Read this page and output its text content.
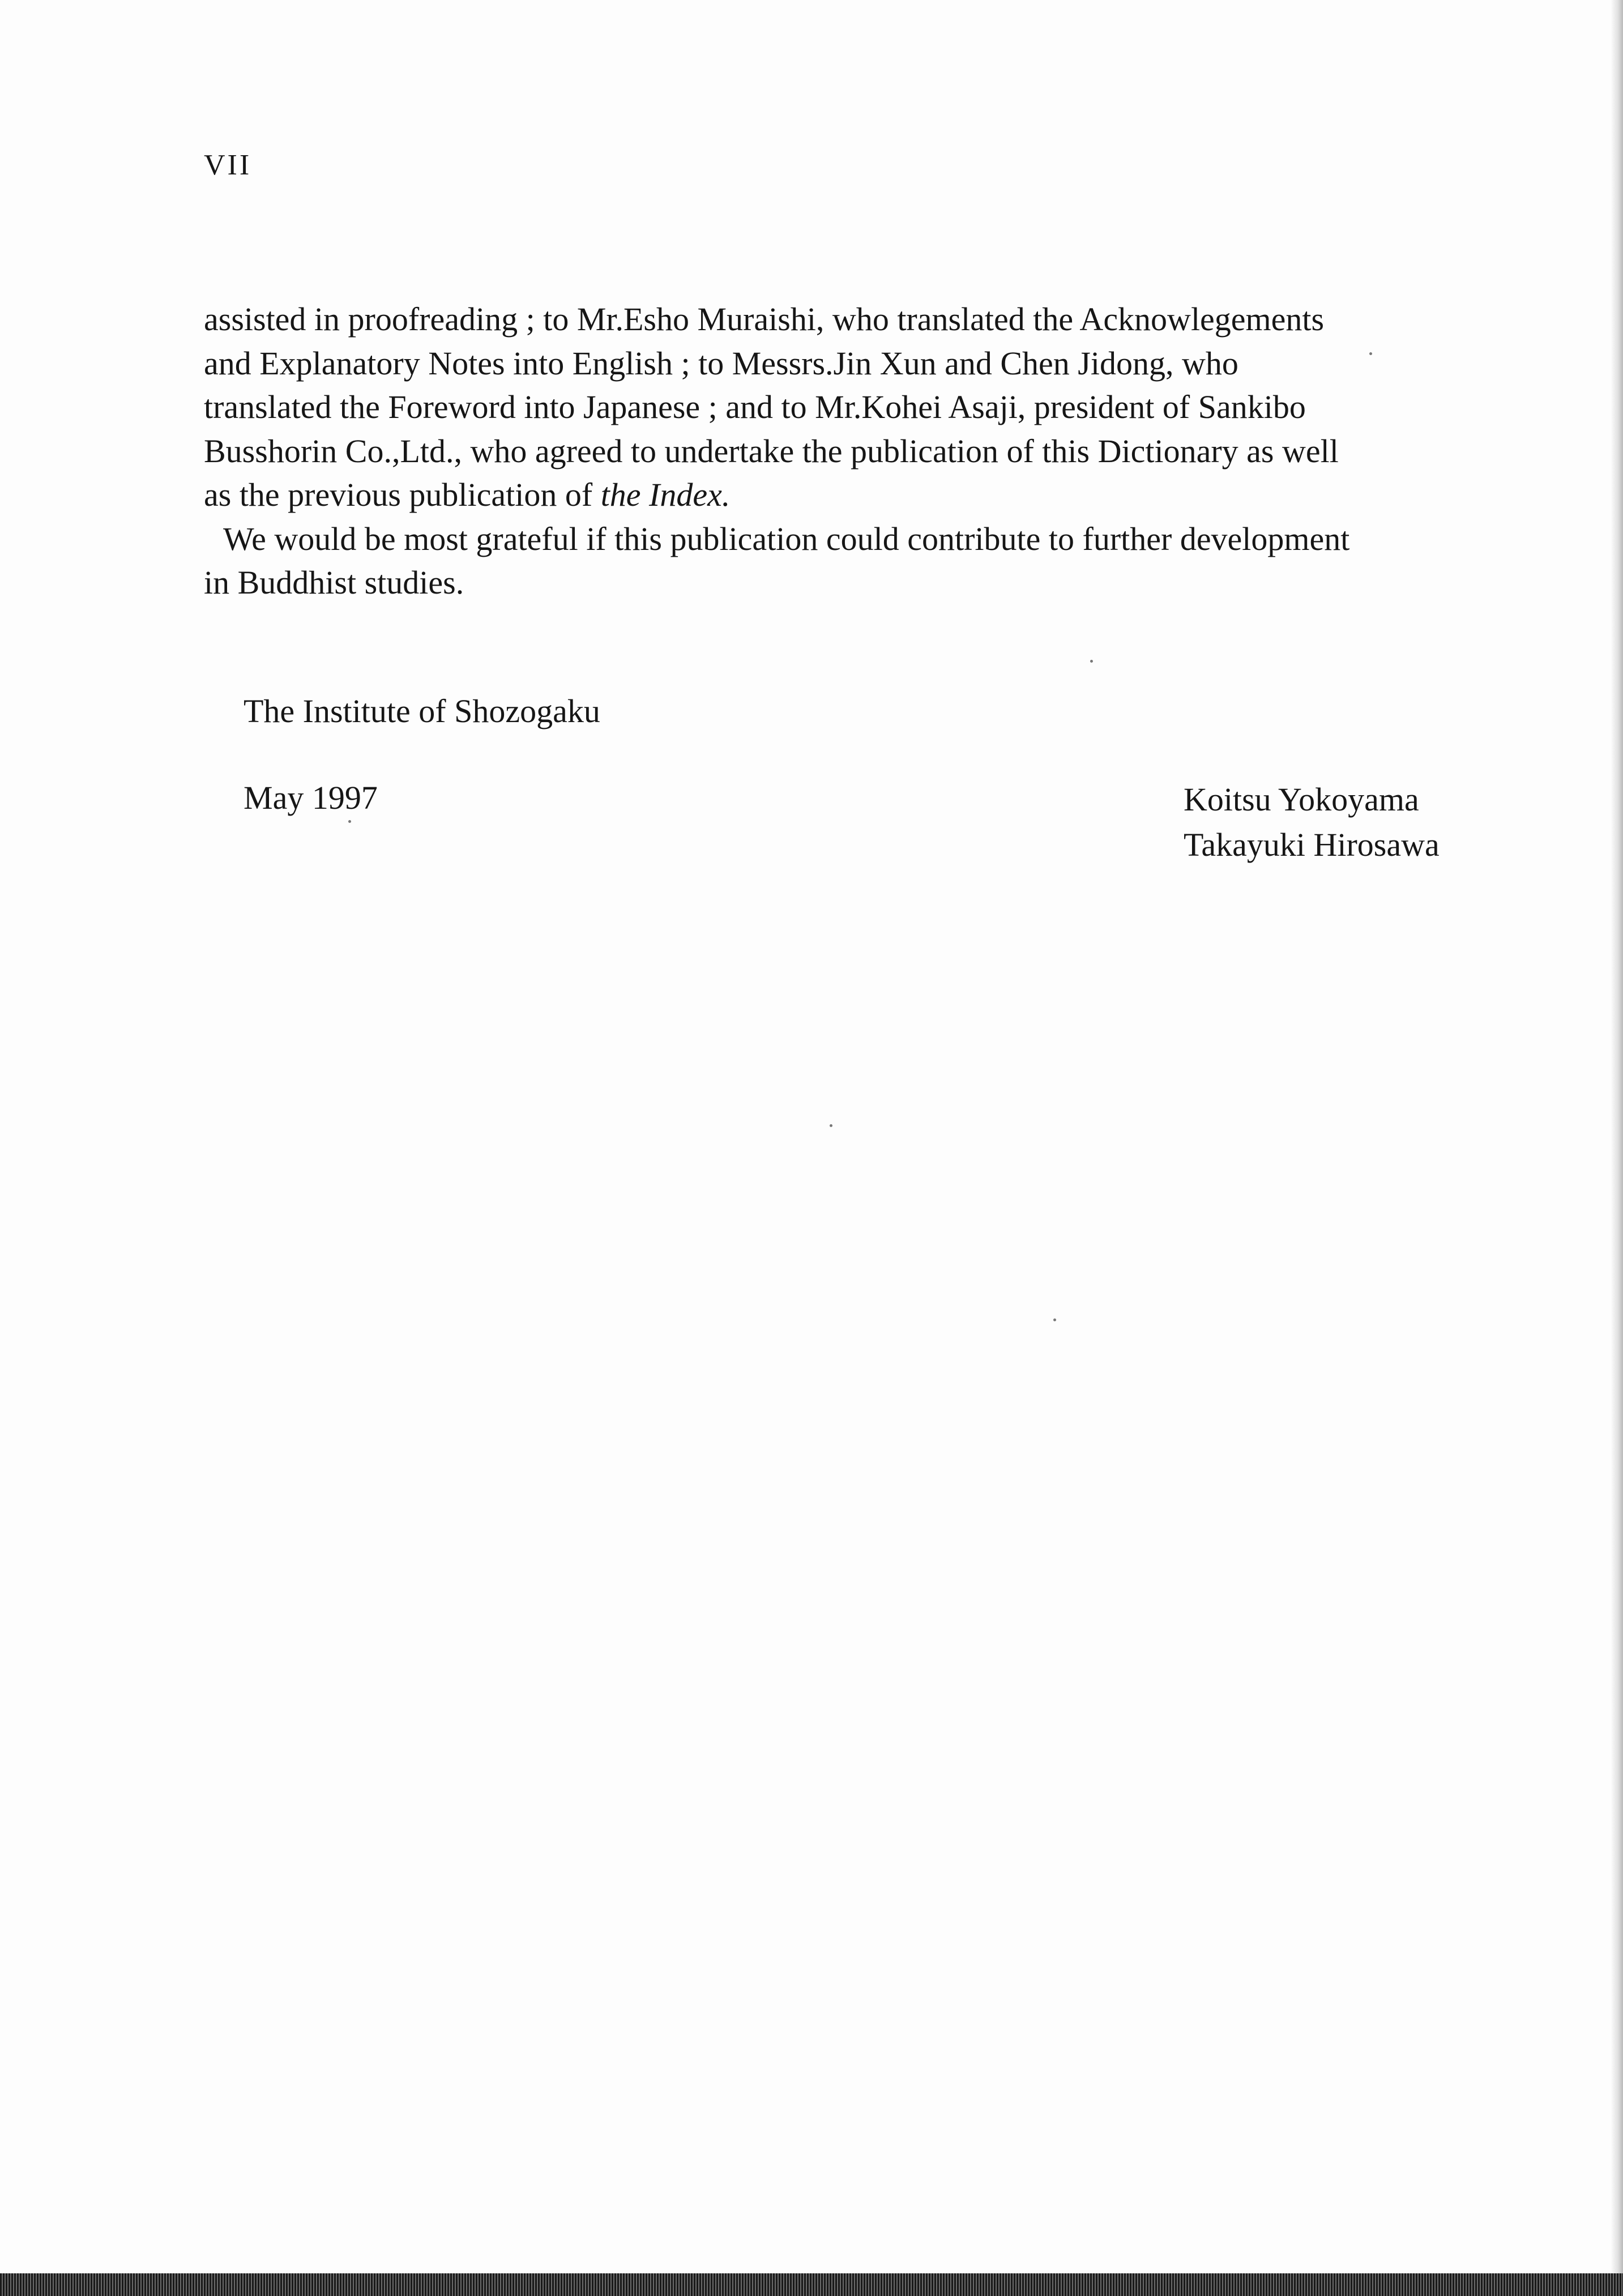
VII
assisted in proofreading ; to Mr.Esho Muraishi, who translated the Acknowlegements
and Explanatory Notes into English ; to Messrs.Jin Xun and Chen Jidong, who
translated the Foreword into Japanese ; and to Mr.Kohei Asaji, president of Sankibo
Busshorin Co.,Ltd., who agreed to undertake the publication of this Dictionary as well
as the previous publication of the Index.
We would be most grateful if this publication could contribute to further development
in Buddhist studies.
The Institute of Shozogaku
May 1997	Koitsu Yokoyama
Takayuki Hirosawa
